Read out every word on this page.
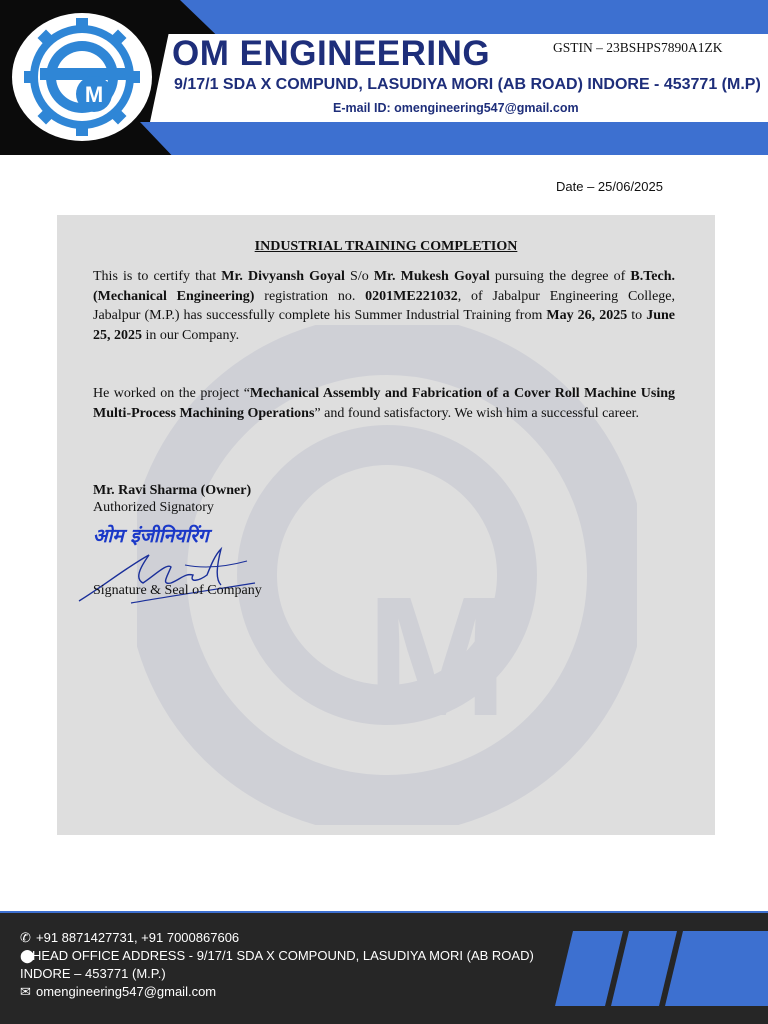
M
OM ENGINEERING	GSTIN – 23BSHPS7890A1ZK
9/17/1 SDA X COMPUND, LASUDIYA MORI (AB ROAD) INDORE - 453771 (M.P)
E-mail ID: omengineering547@gmail.com
Date – 25/06/2025
M
INDUSTRIAL TRAINING COMPLETION
This is to certify that Mr. Divyansh Goyal S/o Mr. Mukesh Goyal pursuing the degree of B.Tech. (Mechanical Engineering) registration no. 0201ME221032, of Jabalpur Engineering College, Jabalpur (M.P.) has successfully complete his Summer Industrial Training from May 26, 2025 to June 25, 2025 in our Company.
He worked on the project “Mechanical Assembly and Fabrication of a Cover Roll Machine Using Multi-Process Machining Operations” and found satisfactory. We wish him a successful career.
Mr. Ravi Sharma (Owner)
Authorized Signatory
ओम इंजीनियरिंग
Signature & Seal of Company
✆ +91 8871427731, +91 7000867606
⬤HEAD OFFICE ADDRESS - 9/17/1 SDA X COMPOUND, LASUDIYA MORI (AB ROAD)
INDORE – 453771 (M.P.)
✉ omengineering547@gmail.com
